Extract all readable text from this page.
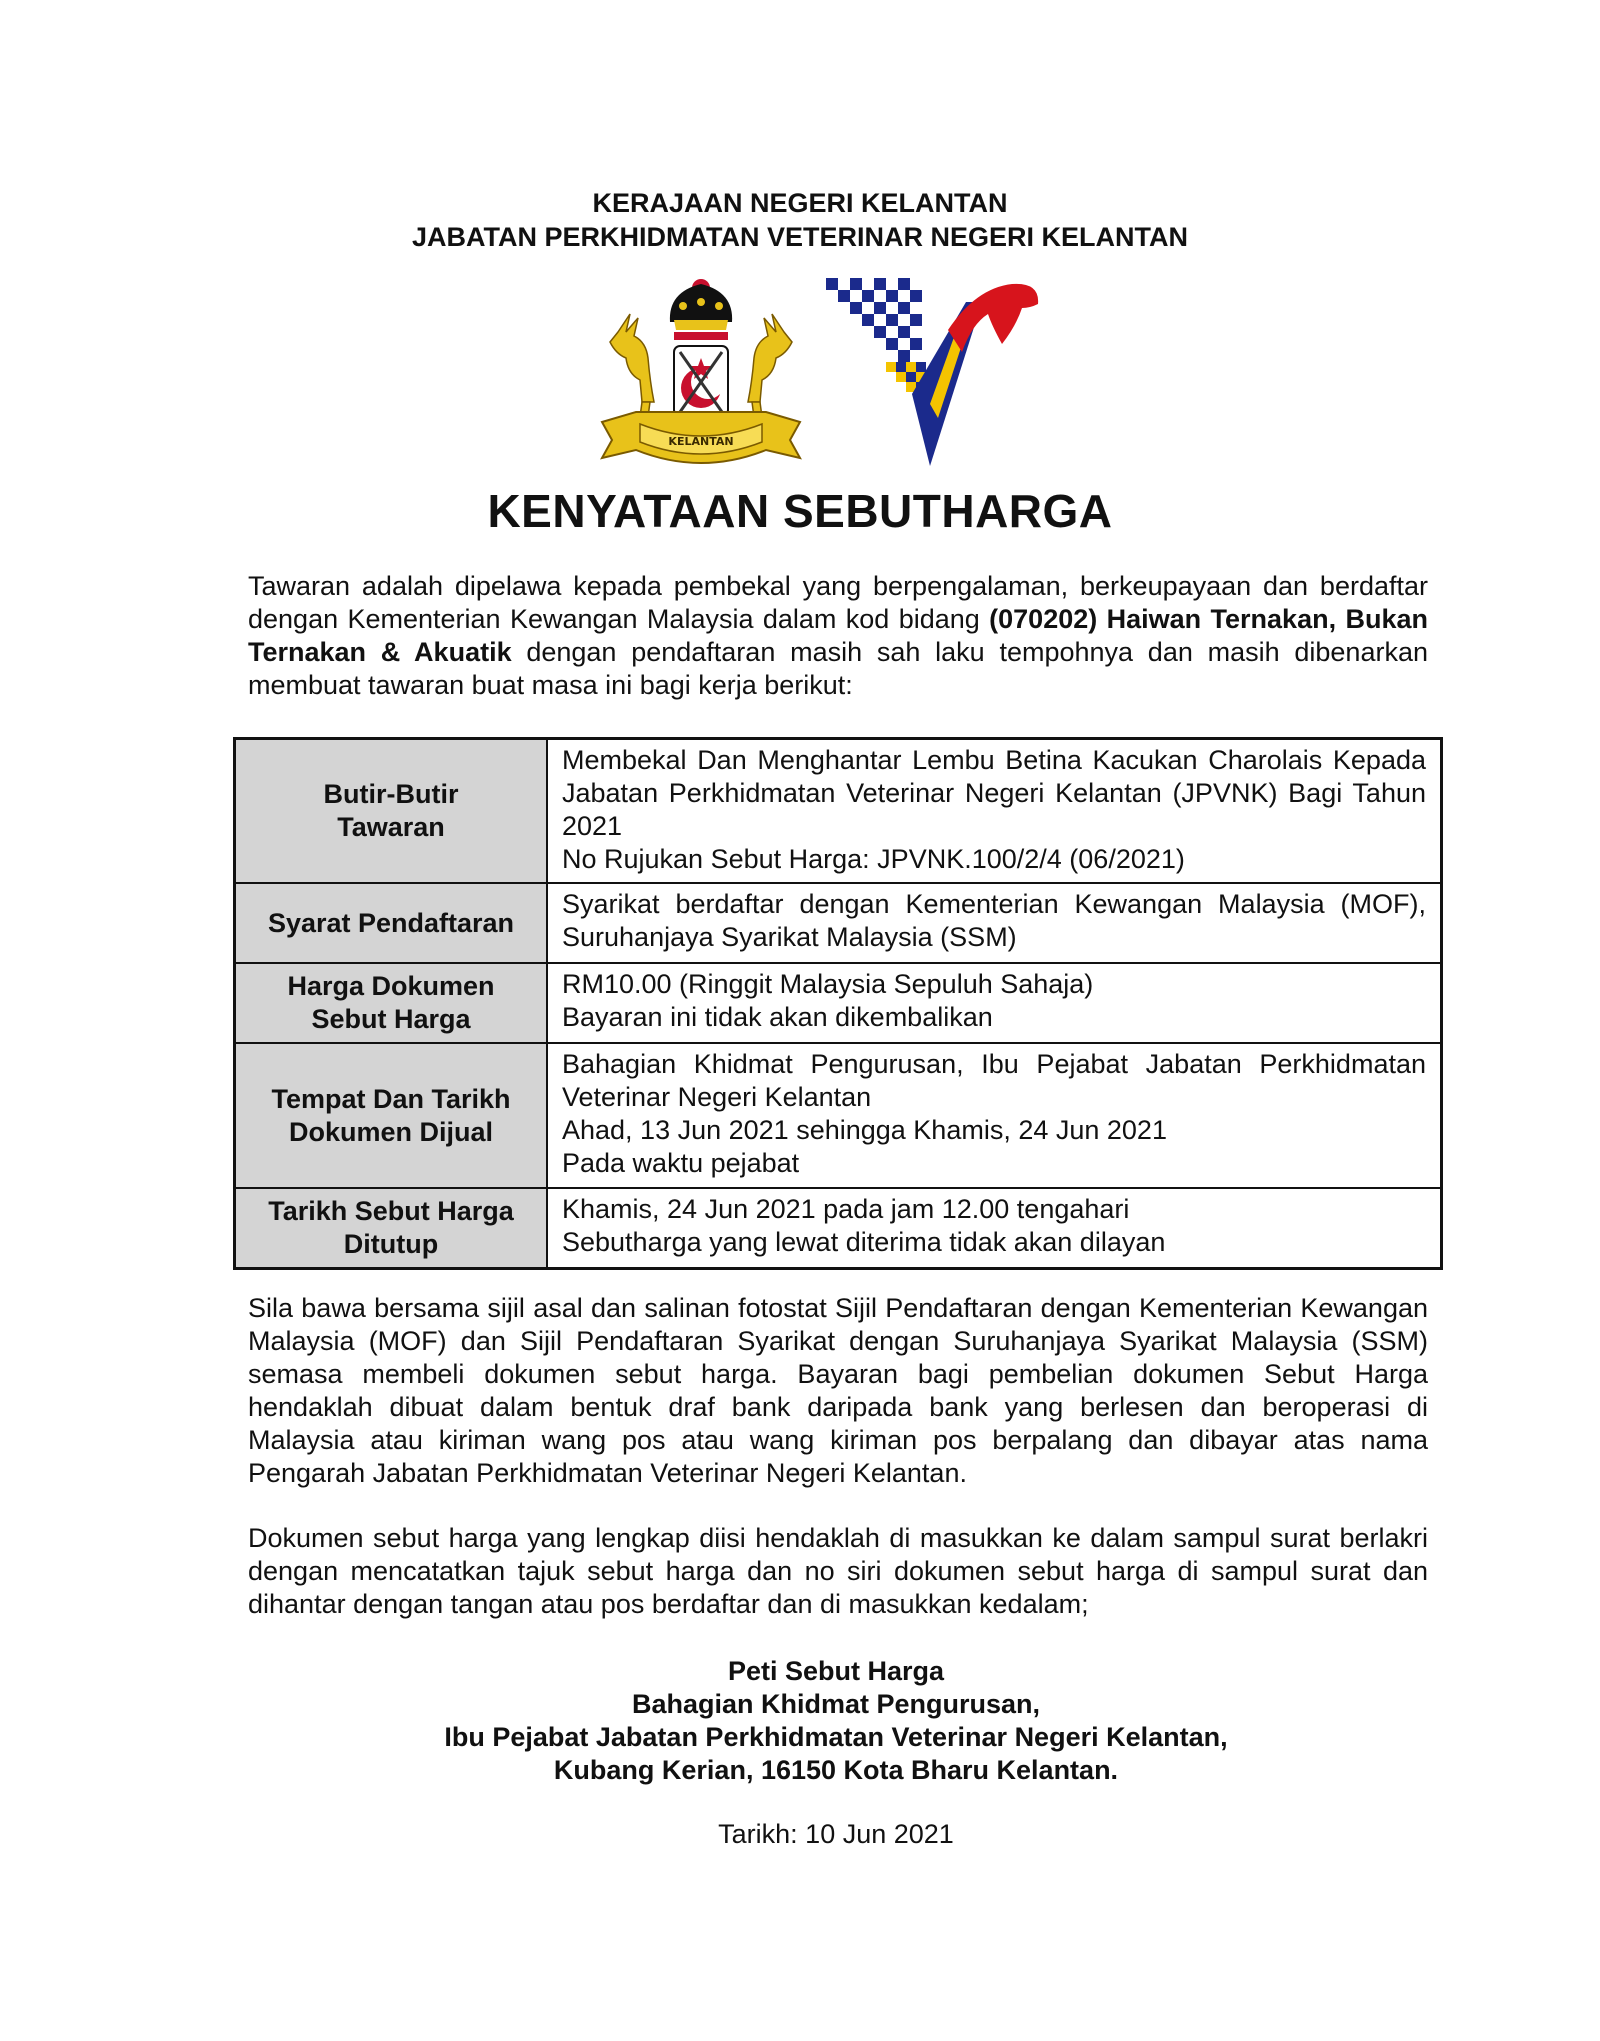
KERAJAAN NEGERI KELANTAN

JABATAN PERKHIDMATAN VETERINAR NEGERI KELANTAN

KELANTAN
KENYATAAN SEBUTHARGA

Tawaran adalah dipelawa kepada pembekal yang berpengalaman, berkeupayaan dan berdaftar dengan Kementerian Kewangan Malaysia dalam kod bidang (070202) Haiwan Ternakan, Bukan Ternakan & Akuatik dengan pendaftaran masih sah laku tempohnya dan masih dibenarkan membuat tawaran buat masa ini bagi kerja berikut:

Butir-Butir
Tawaran	Membekal Dan Menghantar Lembu Betina Kacukan Charolais Kepada Jabatan Perkhidmatan Veterinar Negeri Kelantan (JPVNK) Bagi Tahun 2021
No Rujukan Sebut Harga: JPVNK.100/2/4 (06/2021)

Syarat Pendaftaran	Syarikat berdaftar dengan Kementerian Kewangan Malaysia (MOF), Suruhanjaya Syarikat Malaysia (SSM)

Harga Dokumen
Sebut Harga	RM10.00 (Ringgit Malaysia Sepuluh Sahaja)
Bayaran ini tidak akan dikembalikan

Tempat Dan Tarikh
Dokumen Dijual	Bahagian Khidmat Pengurusan, Ibu Pejabat Jabatan Perkhidmatan Veterinar Negeri Kelantan
Ahad, 13 Jun 2021 sehingga Khamis, 24 Jun 2021
Pada waktu pejabat

Tarikh Sebut Harga
Ditutup	Khamis, 24 Jun 2021 pada jam 12.00 tengahari
Sebutharga yang lewat diterima tidak akan dilayan

Sila bawa bersama sijil asal dan salinan fotostat Sijil Pendaftaran dengan Kementerian Kewangan Malaysia (MOF) dan Sijil Pendaftaran Syarikat dengan Suruhanjaya Syarikat Malaysia (SSM) semasa membeli dokumen sebut harga. Bayaran bagi pembelian dokumen Sebut Harga hendaklah dibuat dalam bentuk draf bank daripada bank yang berlesen dan beroperasi di Malaysia atau kiriman wang pos atau wang kiriman pos berpalang dan dibayar atas nama Pengarah Jabatan Perkhidmatan Veterinar Negeri Kelantan.

Dokumen sebut harga yang lengkap diisi hendaklah di masukkan ke dalam sampul surat berlakri dengan mencatatkan tajuk sebut harga dan no siri dokumen sebut harga di sampul surat dan dihantar dengan tangan atau pos berdaftar dan di masukkan kedalam;

Peti Sebut Harga
Bahagian Khidmat Pengurusan,
Ibu Pejabat Jabatan Perkhidmatan Veterinar Negeri Kelantan,
Kubang Kerian, 16150 Kota Bharu Kelantan.

Tarikh: 10 Jun 2021
